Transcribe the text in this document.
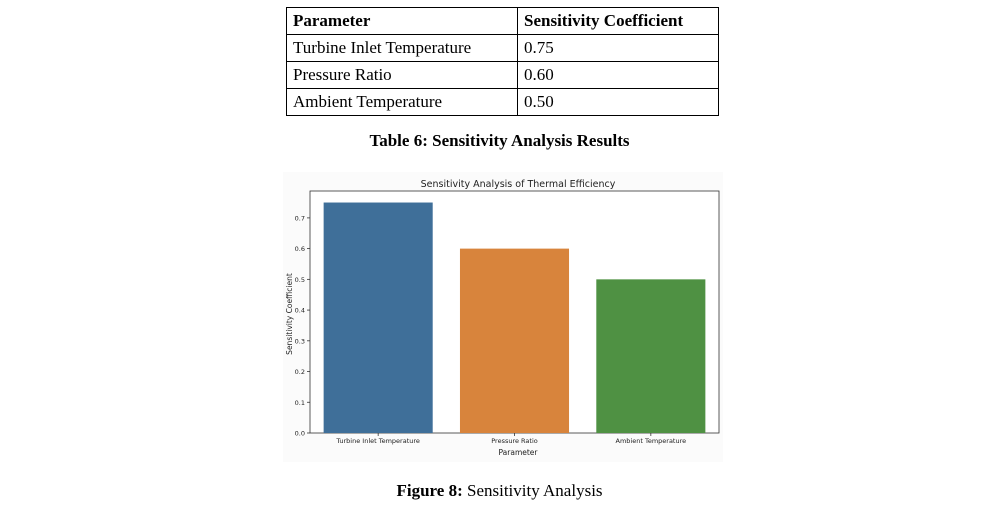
Parameter	Sensitivity Coefficient
Turbine Inlet Temperature	0.75
Pressure Ratio	0.60
Ambient Temperature	0.50
Table 6: Sensitivity Analysis Results
Sensitivity Analysis of Thermal Efficiency
0.0
0.1
0.2
0.3
0.4
0.5
0.6
0.7
Turbine Inlet Temperature	Pressure Ratio	Ambient Temperature
Parameter
Sensitivity Coefficient
Figure 8: Sensitivity Analysis
